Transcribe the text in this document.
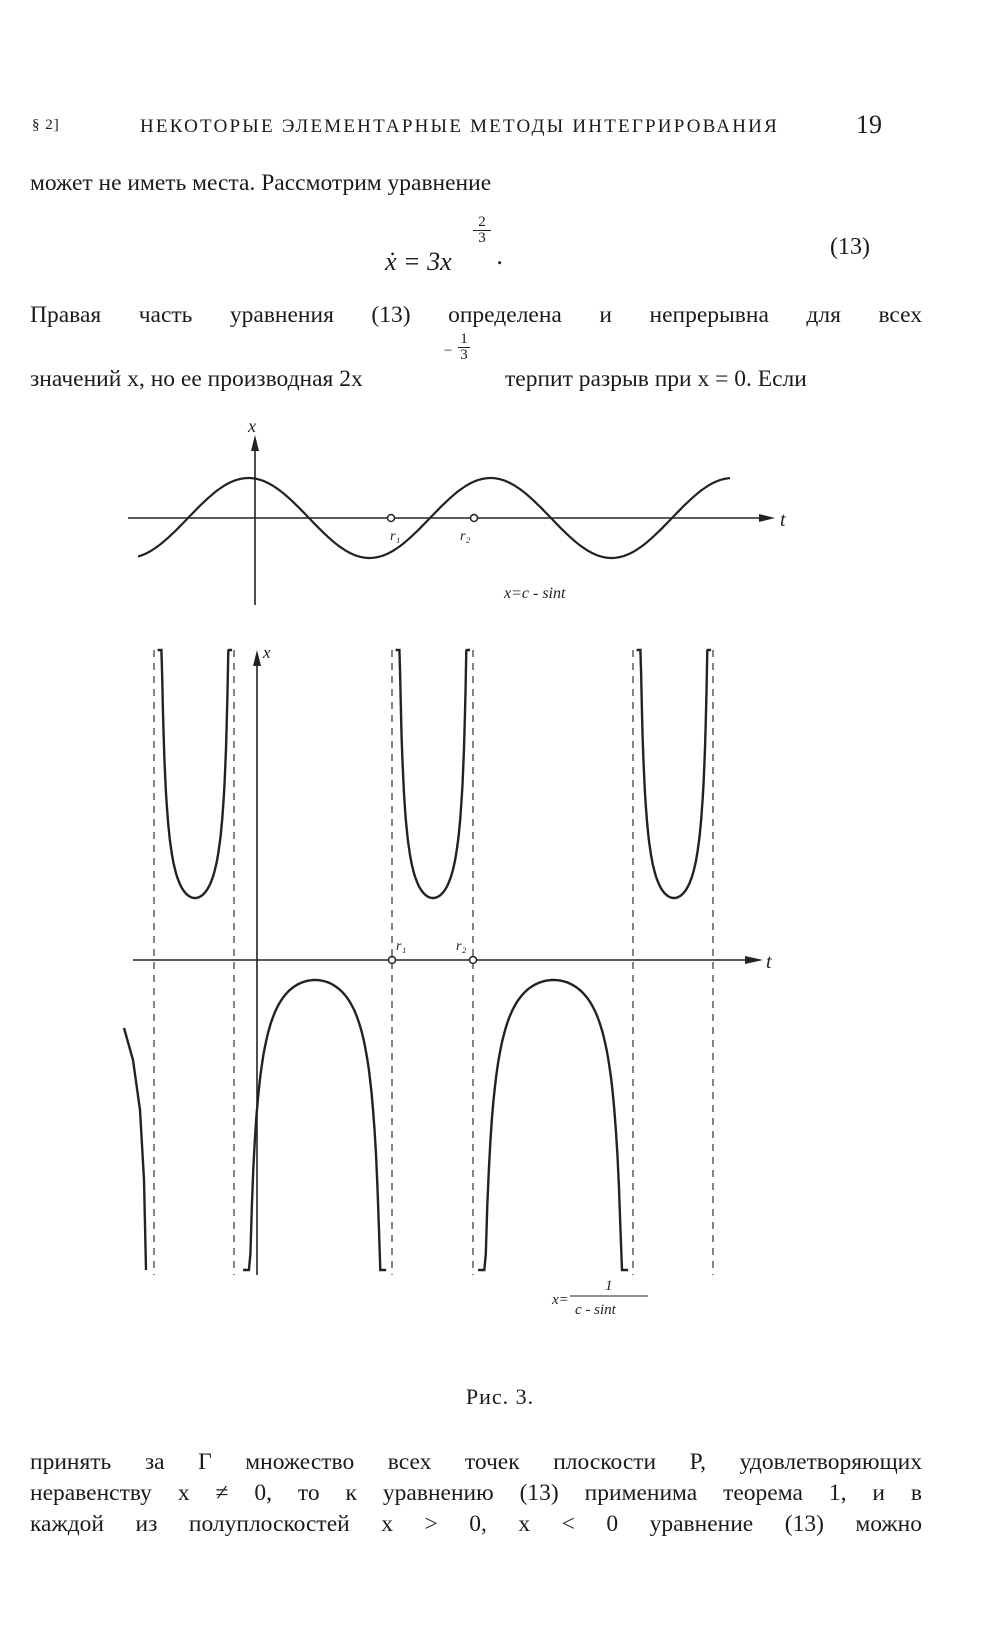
§ 2]	НЕКОТОРЫЕ ЭЛЕМЕНТАРНЫЕ МЕТОДЫ ИНТЕГРИРОВАНИЯ	19
может не иметь места. Рассмотрим уравнение
ẋ = 3x
$\frac{2}{3}$
.	(13)
Правая часть уравнения (13) определена и непрерывна для всех
значений x, но ее производная 2x
−
1
3
терпит разрыв при x = 0. Если
x
t
r₁	r₂
x=c - sint
x
t
r₁	r₂
x=
1
c - sint
Рис. 3.
принять за Г множество всех точек плоскости P, удовлетворяющих
неравенству x ≠ 0, то к уравнению (13) применима теорема 1, и в
каждой из полуплоскостей x > 0, x < 0 уравнение (13) можно
